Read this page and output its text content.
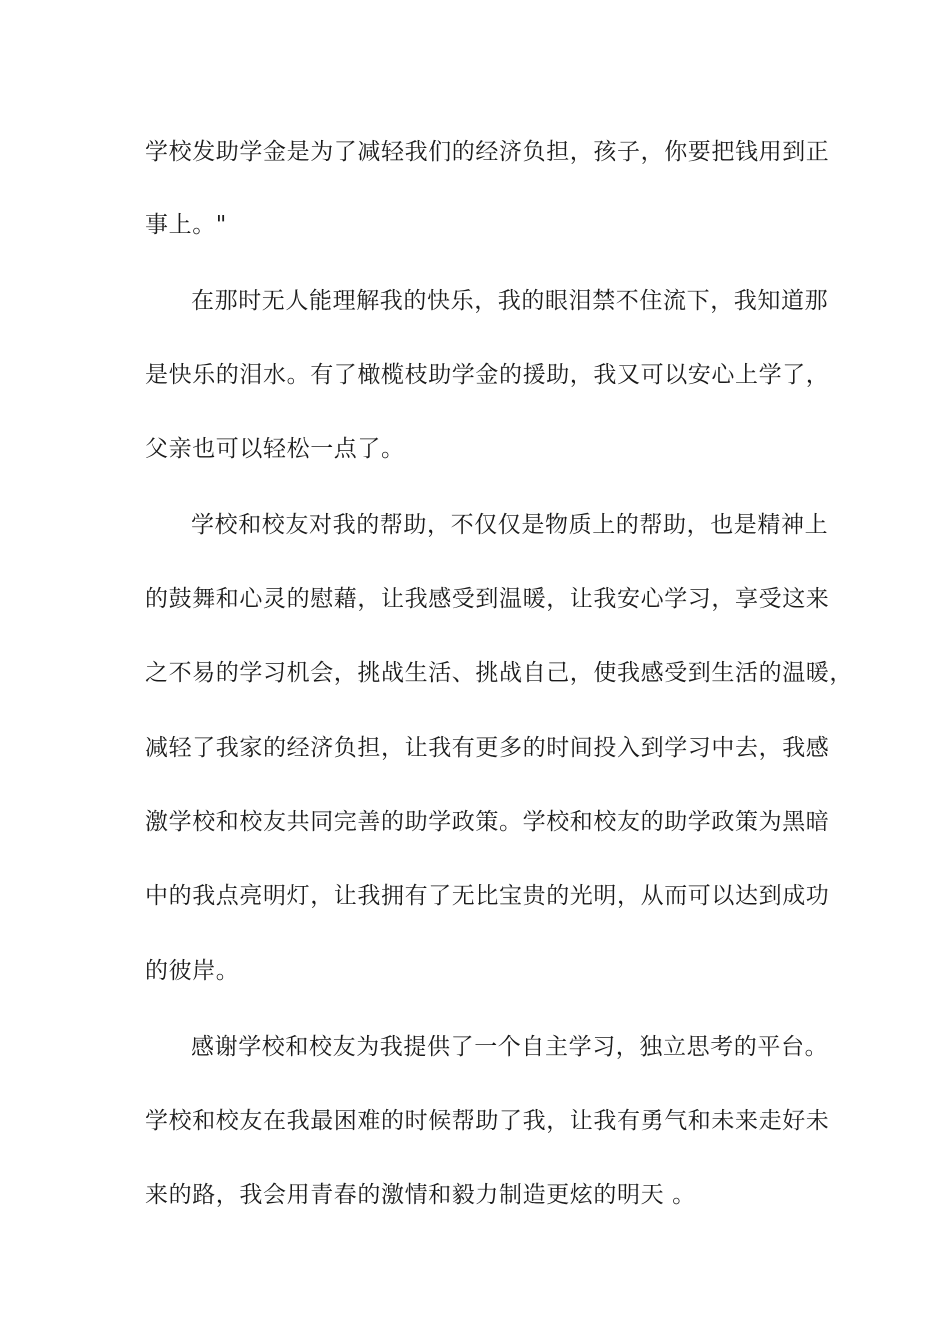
学校发助学金是为了减轻我们的经济负担，孩子，你要把钱用到正
事上。"
在那时无人能理解我的快乐，我的眼泪禁不住流下，我知道那
是快乐的泪水。有了橄榄枝助学金的援助，我又可以安心上学了，
父亲也可以轻松一点了。
学校和校友对我的帮助，不仅仅是物质上的帮助，也是精神上
的鼓舞和心灵的慰藉，让我感受到温暖，让我安心学习，享受这来
之不易的学习机会，挑战生活、挑战自己，使我感受到生活的温暖，
减轻了我家的经济负担，让我有更多的时间投入到学习中去，我感
激学校和校友共同完善的助学政策。学校和校友的助学政策为黑暗
中的我点亮明灯，让我拥有了无比宝贵的光明，从而可以达到成功
的彼岸。
感谢学校和校友为我提供了一个自主学习，独立思考的平台。
学校和校友在我最困难的时候帮助了我，让我有勇气和未来走好未
来的路，我会用青春的激情和毅力制造更炫的明天 。
